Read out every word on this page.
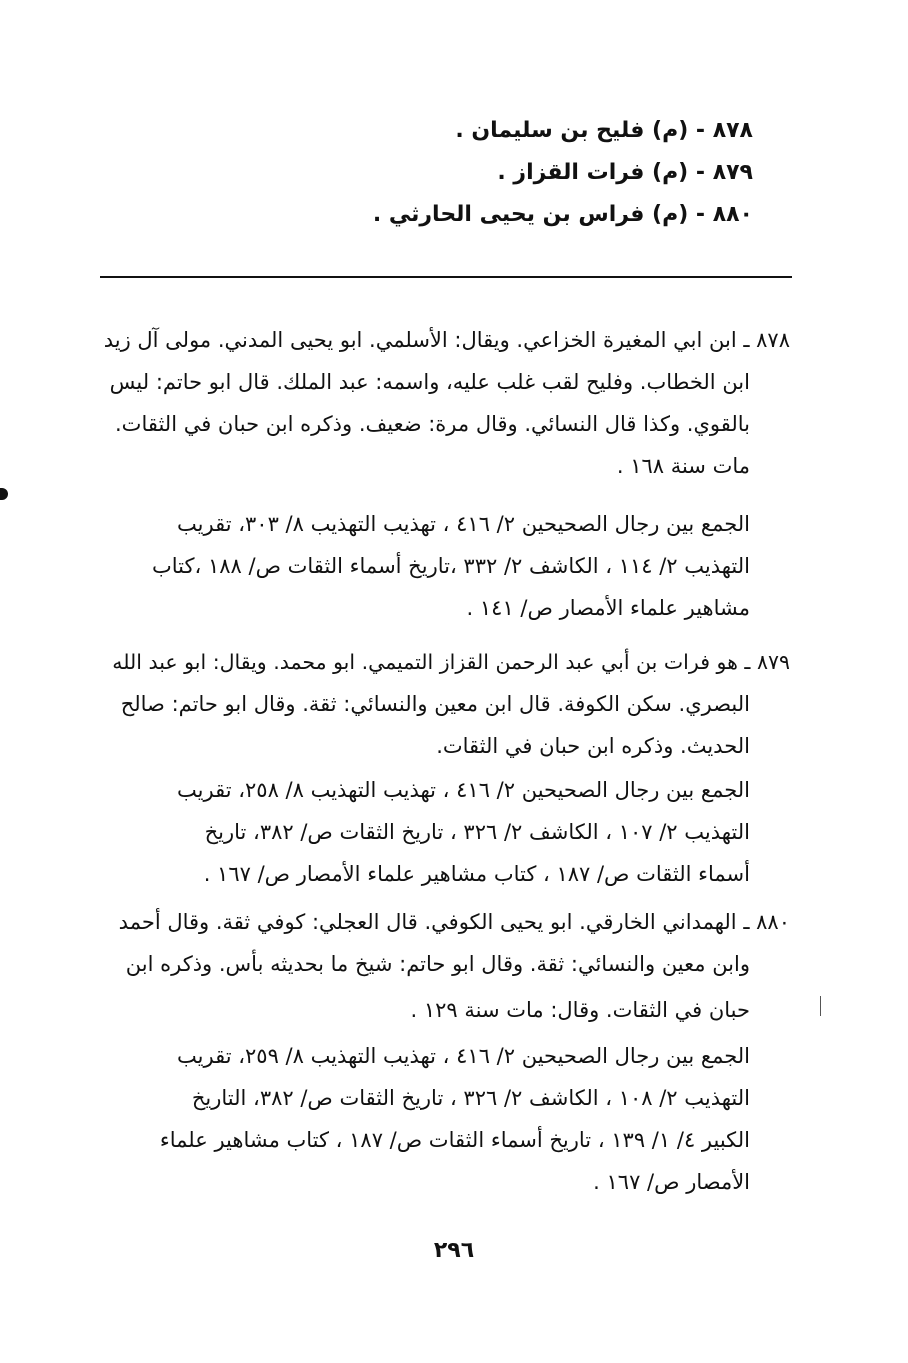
٨٧٨ - (م) فليح بن سليمان .
٨٧٩ - (م) فرات القزاز .
٨٨٠ - (م) فراس بن يحيى الحارثي .
٨٧٨ ـ ابن ابي المغيرة الخزاعي. ويقال: الأسلمي. ابو يحيى المدني. مولى آل زيد
ابن الخطاب. وفليح لقب غلب عليه، واسمه: عبد الملك. قال ابو حاتم: ليس
بالقوي. وكذا قال النسائي. وقال مرة: ضعيف. وذكره ابن حبان في الثقات.
مات سنة ١٦٨ .
الجمع بين رجال الصحيحين ٢/ ٤١٦ ، تهذيب التهذيب ٨/ ٣٠٣، تقريب
التهذيب ٢/ ١١٤ ، الكاشف ٢/ ٣٣٢ ،تاريخ أسماء الثقات ص/ ١٨٨ ،كتاب
مشاهير علماء الأمصار ص/ ١٤١ .
٨٧٩ ـ هو فرات بن أبي عبد الرحمن القزاز التميمي. ابو محمد. ويقال: ابو عبد الله
البصري. سكن الكوفة. قال ابن معين والنسائي: ثقة. وقال ابو حاتم: صالح
الحديث. وذكره ابن حبان في الثقات.
الجمع بين رجال الصحيحين ٢/ ٤١٦ ، تهذيب التهذيب ٨/ ٢٥٨، تقريب
التهذيب ٢/ ١٠٧ ، الكاشف ٢/ ٣٢٦ ، تاريخ الثقات ص/ ٣٨٢، تاريخ
أسماء الثقات ص/ ١٨٧ ، كتاب مشاهير علماء الأمصار ص/ ١٦٧ .
٨٨٠ ـ الهمداني الخارقي. ابو يحيى الكوفي. قال العجلي: كوفي ثقة. وقال أحمد
وابن معين والنسائي: ثقة. وقال ابو حاتم: شيخ ما بحديثه بأس. وذكره ابن
حبان في الثقات. وقال: مات سنة ١٢٩ .
الجمع بين رجال الصحيحين ٢/ ٤١٦ ، تهذيب التهذيب ٨/ ٢٥٩، تقريب
التهذيب ٢/ ١٠٨ ، الكاشف ٢/ ٣٢٦ ، تاريخ الثقات ص/ ٣٨٢، التاريخ
الكبير ٤/ ١/ ١٣٩ ، تاريخ أسماء الثقات ص/ ١٨٧ ، كتاب مشاهير علماء
الأمصار ص/ ١٦٧ .
٢٩٦
